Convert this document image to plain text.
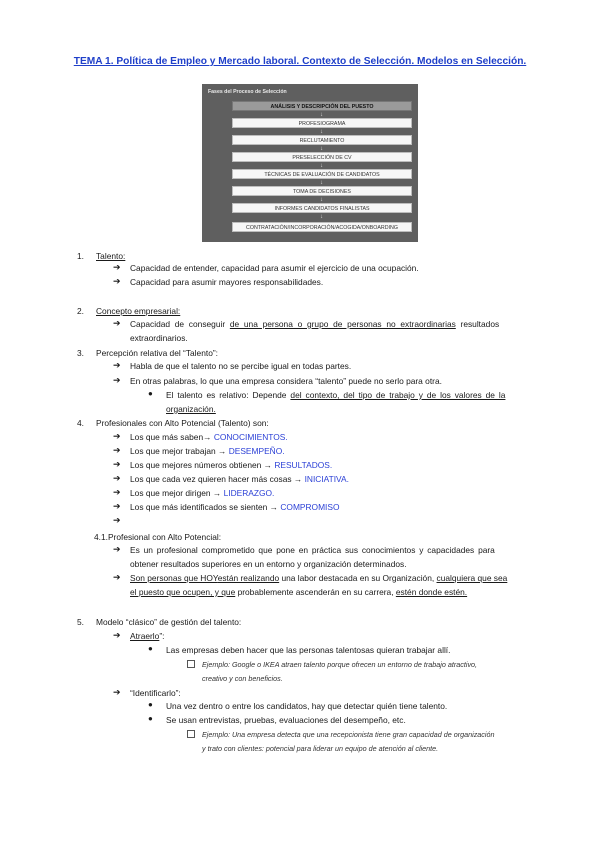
TEMA 1. Política de Empleo y Mercado laboral. Contexto de Selección. Modelos en Selección.
Fases del Proceso de Selección
ANÁLISIS Y DESCRIPCIÓN DEL PUESTO
↓
PROFESIOGRAMA
↓
RECLUTAMIENTO
↓
PRESELECCIÓN DE CV
↓
TÉCNICAS DE EVALUACIÓN DE CANDIDATOS
↓
TOMA DE DECISIONES
↓
INFORMES CANDIDATOS FINALISTAS
↓
CONTRATACIÓN/INCORPORACIÓN/ACOGIDA/ONBOARDING
1. Talento:
➔ Capacidad de entender, capacidad para asumir el ejercicio de una ocupación.
➔ Capacidad para asumir mayores responsabilidades.
2. Concepto empresarial:
➔ Capacidad de conseguir de una persona o grupo de personas no extraordinarias resultados
extraordinarios.
3. Percepción relativa del “Talento”:
➔ Habla de que el talento no se percibe igual en todas partes.
➔ En otras palabras, lo que una empresa considera “talento” puede no serlo para otra.
● El talento es relativo: Depende del contexto, del tipo de trabajo y de los valores de la
organización.
4. Profesionales con Alto Potencial (Talento) son:
➔ Los que más saben→ CONOCIMIENTOS.
➔ Los que mejor trabajan → DESEMPEÑO.
➔ Los que mejores números obtienen → RESULTADOS.
➔ Los que cada vez quieren hacer más cosas → INICIATIVA.
➔ Los que mejor dirigen → LIDERAZGO.
➔ Los que más identificados se sienten → COMPROMISO
➔
4.1.Profesional con Alto Potencial:
➔ Es un profesional comprometido que pone en práctica sus conocimientos y capacidades para
obtener resultados superiores en un entorno y organización determinados.
➔ Son personas que HOYestán realizando una labor destacada en su Organización, cualquiera que sea
el puesto que ocupen, y que probablemente ascenderán en su carrera, estén donde estén.
5. Modelo “clásico” de gestión del talento:
➔ Atraerlo”:
● Las empresas deben hacer que las personas talentosas quieran trabajar allí.
Ejemplo: Google o IKEA atraen talento porque ofrecen un entorno de trabajo atractivo,
creativo y con beneficios.
➔ “Identificarlo”:
● Una vez dentro o entre los candidatos, hay que detectar quién tiene talento.
● Se usan entrevistas, pruebas, evaluaciones del desempeño, etc.
Ejemplo: Una empresa detecta que una recepcionista tiene gran capacidad de organización
y trato con clientes: potencial para liderar un equipo de atención al cliente.
